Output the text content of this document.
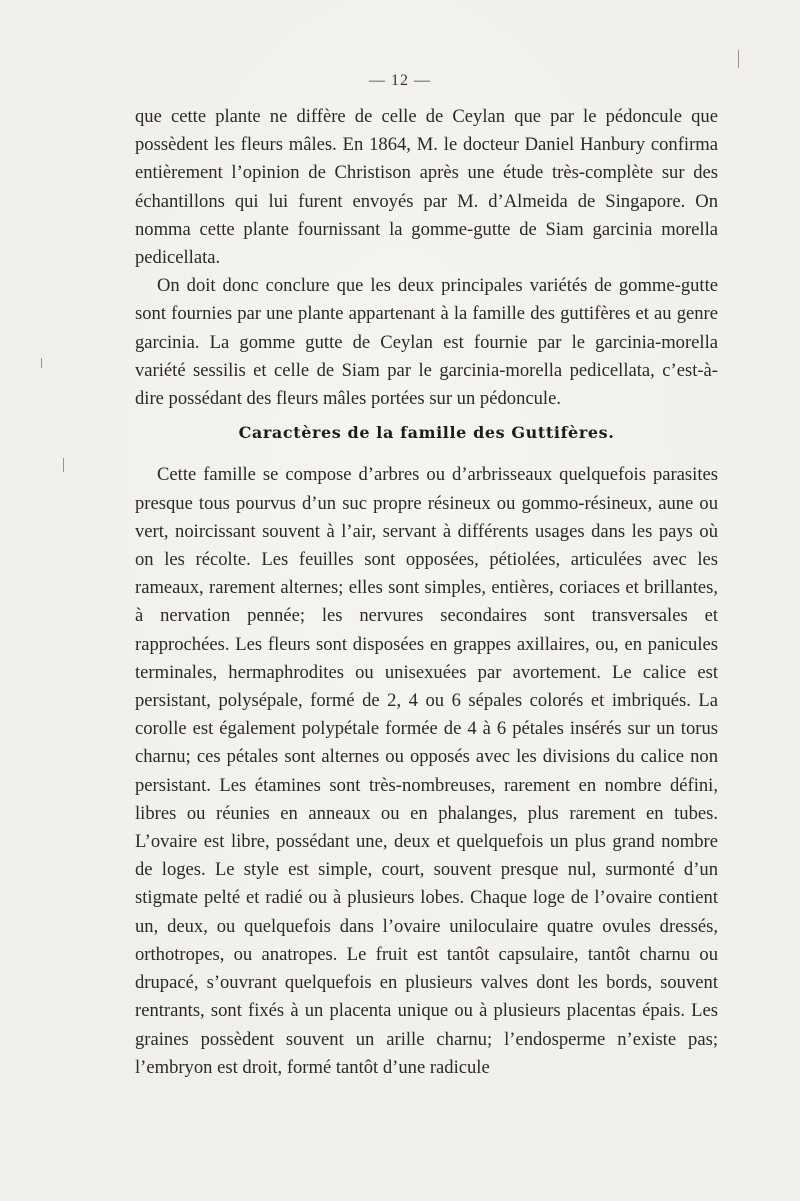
— 12 —

que cette plante ne diffère de celle de Ceylan que par le pédoncule que possèdent les fleurs mâles. En 1864, M. le docteur Daniel Hanbury confirma entièrement l’opinion de Christison après une étude très-complète sur des échantillons qui lui furent envoyés par M. d’Almeida de Singapore. On nomma cette plante fournissant la gomme-gutte de Siam garcinia morella pedicellata.

On doit donc conclure que les deux principales variétés de gomme-gutte sont fournies par une plante appartenant à la famille des guttifères et au genre garcinia. La gomme gutte de Ceylan est fournie par le garcinia-morella variété sessilis et celle de Siam par le garcinia-morella pedicellata, c’est-à-dire possédant des fleurs mâles portées sur un pédoncule.

Caractères de la famille des Guttifères.

Cette famille se compose d’arbres ou d’arbrisseaux quelquefois parasites presque tous pourvus d’un suc propre résineux ou gommo-résineux, aune ou vert, noircissant souvent à l’air, servant à différents usages dans les pays où on les récolte. Les feuilles sont opposées, pétiolées, articulées avec les rameaux, rarement alternes; elles sont simples, entières, coriaces et brillantes, à nervation pennée; les nervures secondaires sont transversales et rapprochées. Les fleurs sont disposées en grappes axillaires, ou, en panicules terminales, hermaphrodites ou unisexuées par avortement. Le calice est persistant, polysépale, formé de 2, 4 ou 6 sépales colorés et imbriqués. La corolle est également polypétale formée de 4 à 6 pétales insérés sur un torus charnu; ces pétales sont alternes ou opposés avec les divisions du calice non persistant. Les étamines sont très-nombreuses, rarement en nombre défini, libres ou réunies en anneaux ou en phalanges, plus rarement en tubes. L’ovaire est libre, possédant une, deux et quelquefois un plus grand nombre de loges. Le style est simple, court, souvent presque nul, surmonté d’un stigmate pelté et radié ou à plusieurs lobes. Chaque loge de l’ovaire contient un, deux, ou quelquefois dans l’ovaire uniloculaire quatre ovules dressés, orthotropes, ou anatropes. Le fruit est tantôt capsulaire, tantôt charnu ou drupacé, s’ouvrant quelquefois en plusieurs valves dont les bords, souvent rentrants, sont fixés à un placenta unique ou à plusieurs placentas épais. Les graines possèdent souvent un arille charnu; l’endosperme n’existe pas; l’embryon est droit, formé tantôt d’une radicule
